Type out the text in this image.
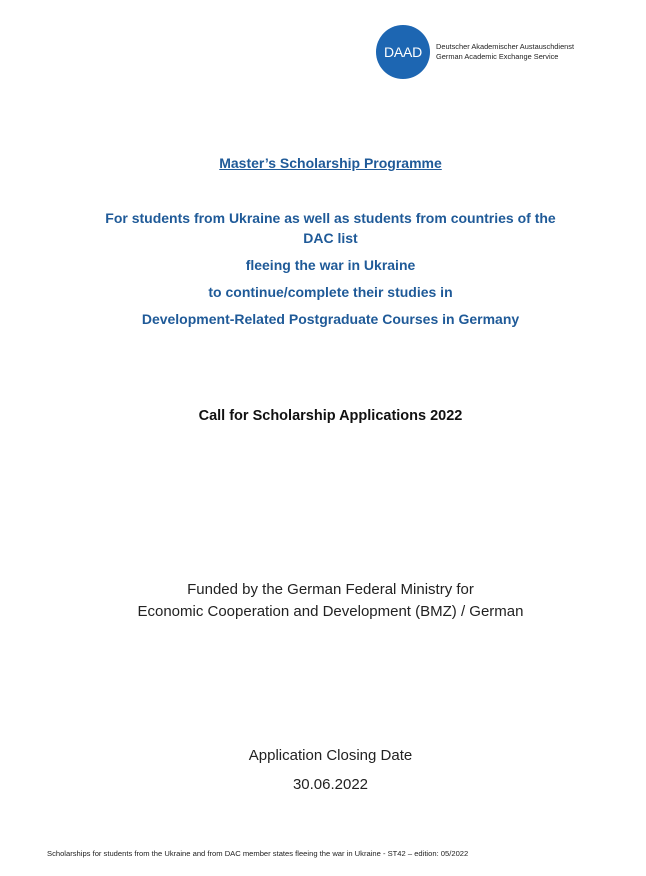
DAAD Deutscher Akademischer Austauschdienst
German Academic Exchange Service
Master’s Scholarship Programme
For students from Ukraine as well as students from countries of the
DAC list
fleeing the war in Ukraine
to continue/complete their studies in
Development-Related Postgraduate Courses in Germany
Call for Scholarship Applications 2022
Funded by the German Federal Ministry for
Economic Cooperation and Development (BMZ) / German
Application Closing Date
30.06.2022
Scholarships for students from the Ukraine and from DAC member states fleeing the war in Ukraine - ST42 – edition: 05/2022
